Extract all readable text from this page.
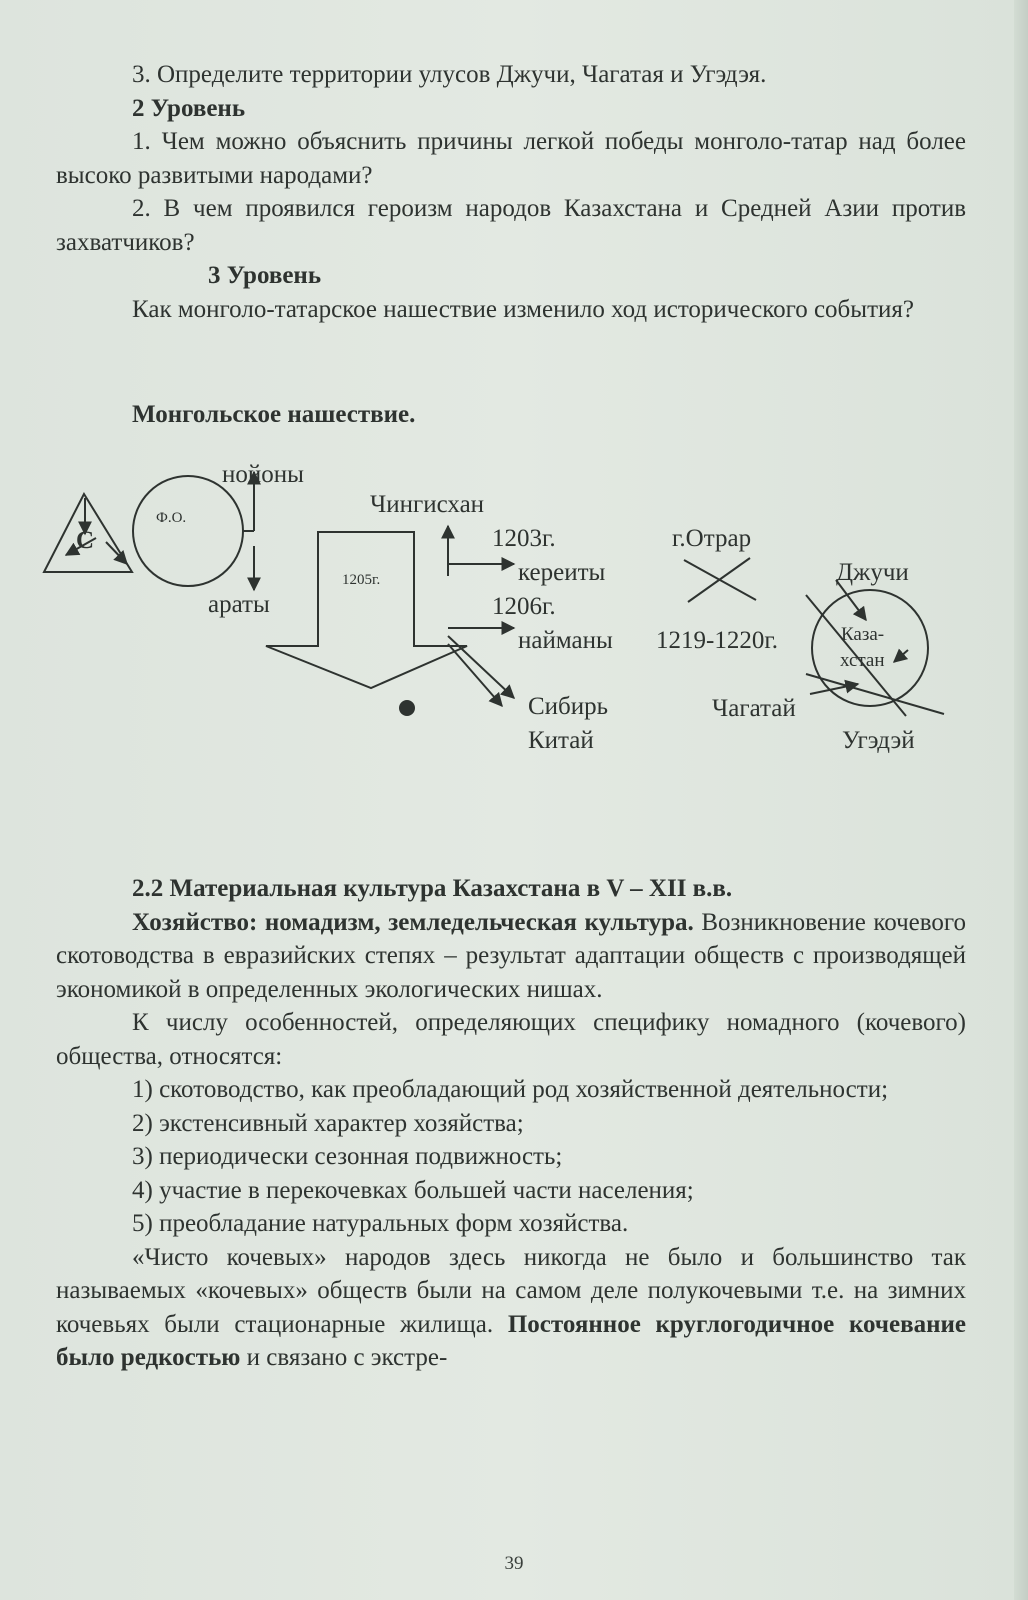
3. Определите территории улусов Джучи, Чагатая и Угэдэя.

2 Уровень

1. Чем можно объяснить причины легкой победы монголо-татар над более высоко развитыми народами?

2. В чем проявился героизм народов Казахстана и Средней Азии против захватчиков?

3 Уровень

Как монголо-татарское нашествие изменило ход исторического события?

Монгольское нашествие.

С
Ф.О.
нойоны
араты
Чингисхан
1205г.
1203г.
кереиты
1206г.
найманы
Сибирь
Китай
г.Отрар
1219-1220г.
Джучи
Каза-
хстан
Чагатай
Угэдэй

2.2 Материальная культура Казахстана в V – XII в.в.

Хозяйство: номадизм, земледельческая культура. Возникновение кочевого скотоводства в евразийских степях – результат адаптации обществ с производящей экономикой в определенных экологических нишах.

К числу особенностей, определяющих специфику номадного (кочевого) общества, относятся:

1) скотоводство, как преобладающий род хозяйственной деятельности;

2) экстенсивный характер хозяйства;

3) периодически сезонная подвижность;

4) участие в перекочевках большей части населения;

5) преобладание натуральных форм хозяйства.

«Чисто кочевых» народов здесь никогда не было и большинство так называемых «кочевых» обществ были на самом деле полукочевыми т.е. на зимних кочевьях были стационарные жилища. Постоянное круглогодичное кочевание было редкостью и связано с экстре-

39
